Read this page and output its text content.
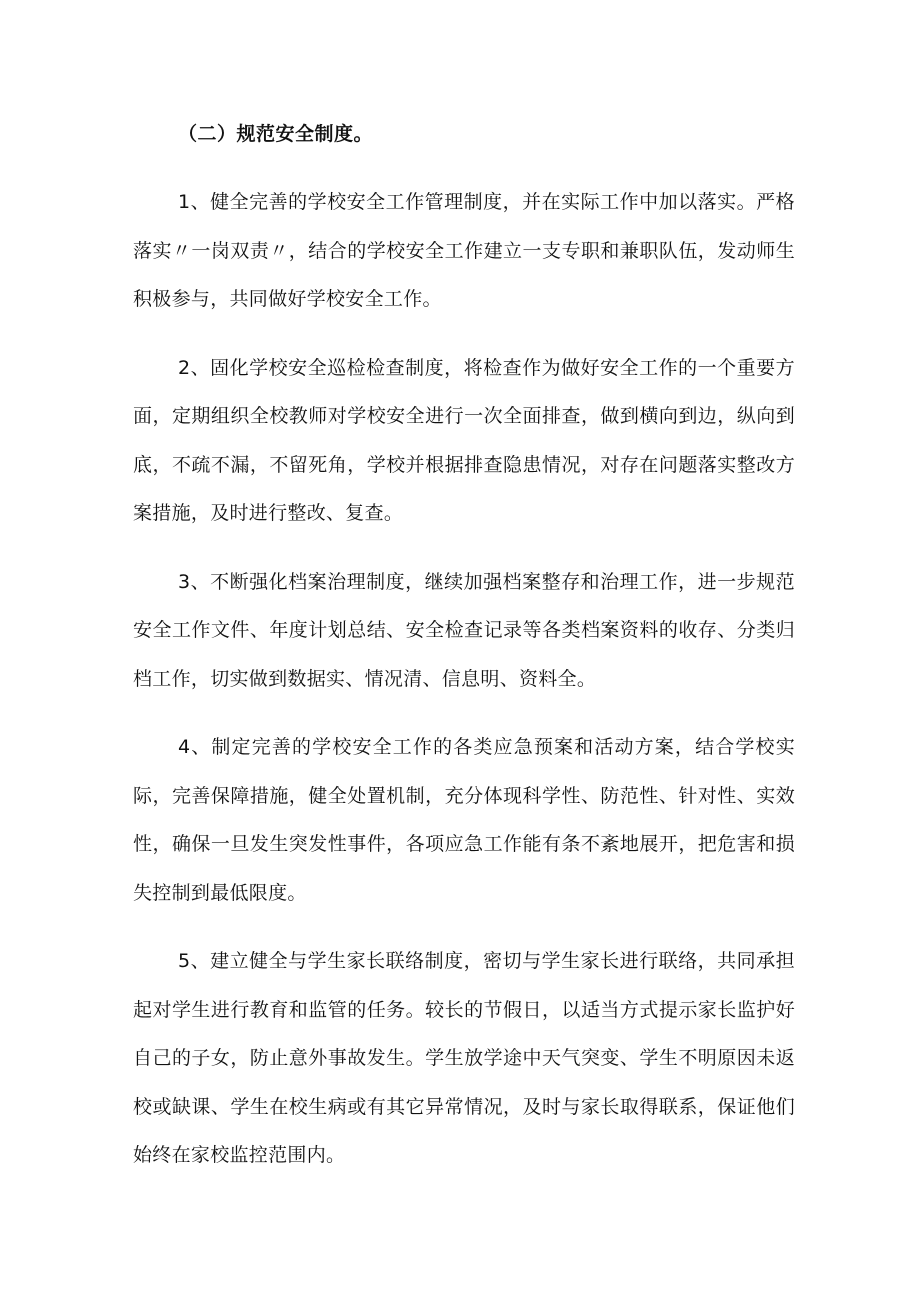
（二）规范安全制度。

1、健全完善的学校安全工作管理制度，并在实际工作中加以落实。严格落实〃一岗双责〃，结合的学校安全工作建立一支专职和兼职队伍，发动师生积极参与，共同做好学校安全工作。

2、固化学校安全巡检检查制度，将检查作为做好安全工作的一个重要方面，定期组织全校教师对学校安全进行一次全面排查，做到横向到边，纵向到底，不疏不漏，不留死角，学校并根据排查隐患情况，对存在问题落实整改方案措施，及时进行整改、复查。

3、不断强化档案治理制度，继续加强档案整存和治理工作，进一步规范安全工作文件、年度计划总结、安全检查记录等各类档案资料的收存、分类归档工作，切实做到数据实、情况清、信息明、资料全。

4、制定完善的学校安全工作的各类应急预案和活动方案，结合学校实际，完善保障措施，健全处置机制，充分体现科学性、防范性、针对性、实效性，确保一旦发生突发性事件，各项应急工作能有条不紊地展开，把危害和损失控制到最低限度。

5、建立健全与学生家长联络制度，密切与学生家长进行联络，共同承担起对学生进行教育和监管的任务。较长的节假日，以适当方式提示家长监护好自己的子女，防止意外事故发生。学生放学途中天气突变、学生不明原因未返校或缺课、学生在校生病或有其它异常情况，及时与家长取得联系，保证他们始终在家校监控范围内。
